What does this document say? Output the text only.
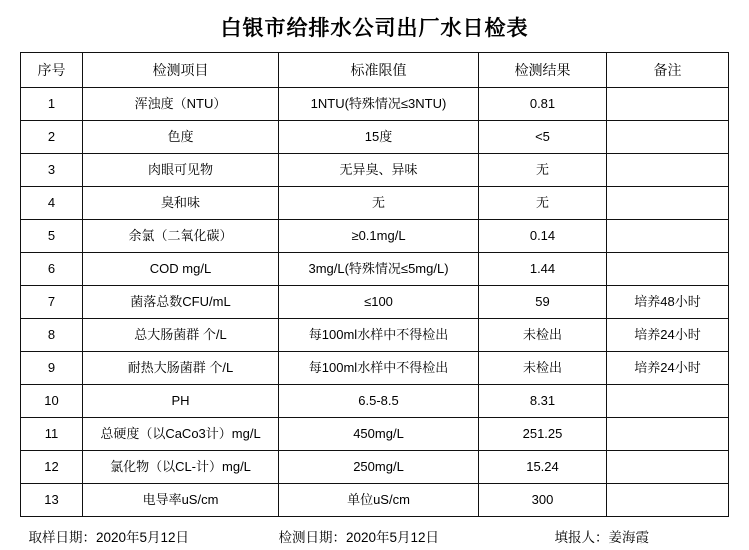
白银市给排水公司出厂水日检表
序号	检测项目	标准限值	检测结果	备注
1	浑浊度（NTU）	1NTU(特殊情况≤3NTU)	0.81	
2	色度	15度	<5	
3	肉眼可见物	无异臭、异味	无	
4	臭和味	无	无	
5	余氯（二氧化碳）	≥0.1mg/L	0.14	
6	COD mg/L	3mg/L(特殊情况≤5mg/L)	1.44	
7	菌落总数CFU/mL	≤100	59	培养48小时
8	总大肠菌群 个/L	每100ml水样中不得检出	未检出	培养24小时
9	耐热大肠菌群 个/L	每100ml水样中不得检出	未检出	培养24小时
10	PH	6.5-8.5	8.31	
11	总硬度（以CaCo3计）mg/L	450mg/L	251.25	
12	氯化物（以CL-计）mg/L	250mg/L	15.24	
13	电导率uS/cm	单位uS/cm	300	
取样日期：2020年5月12日	检测日期：2020年5月12日	填报人：姜海霞
